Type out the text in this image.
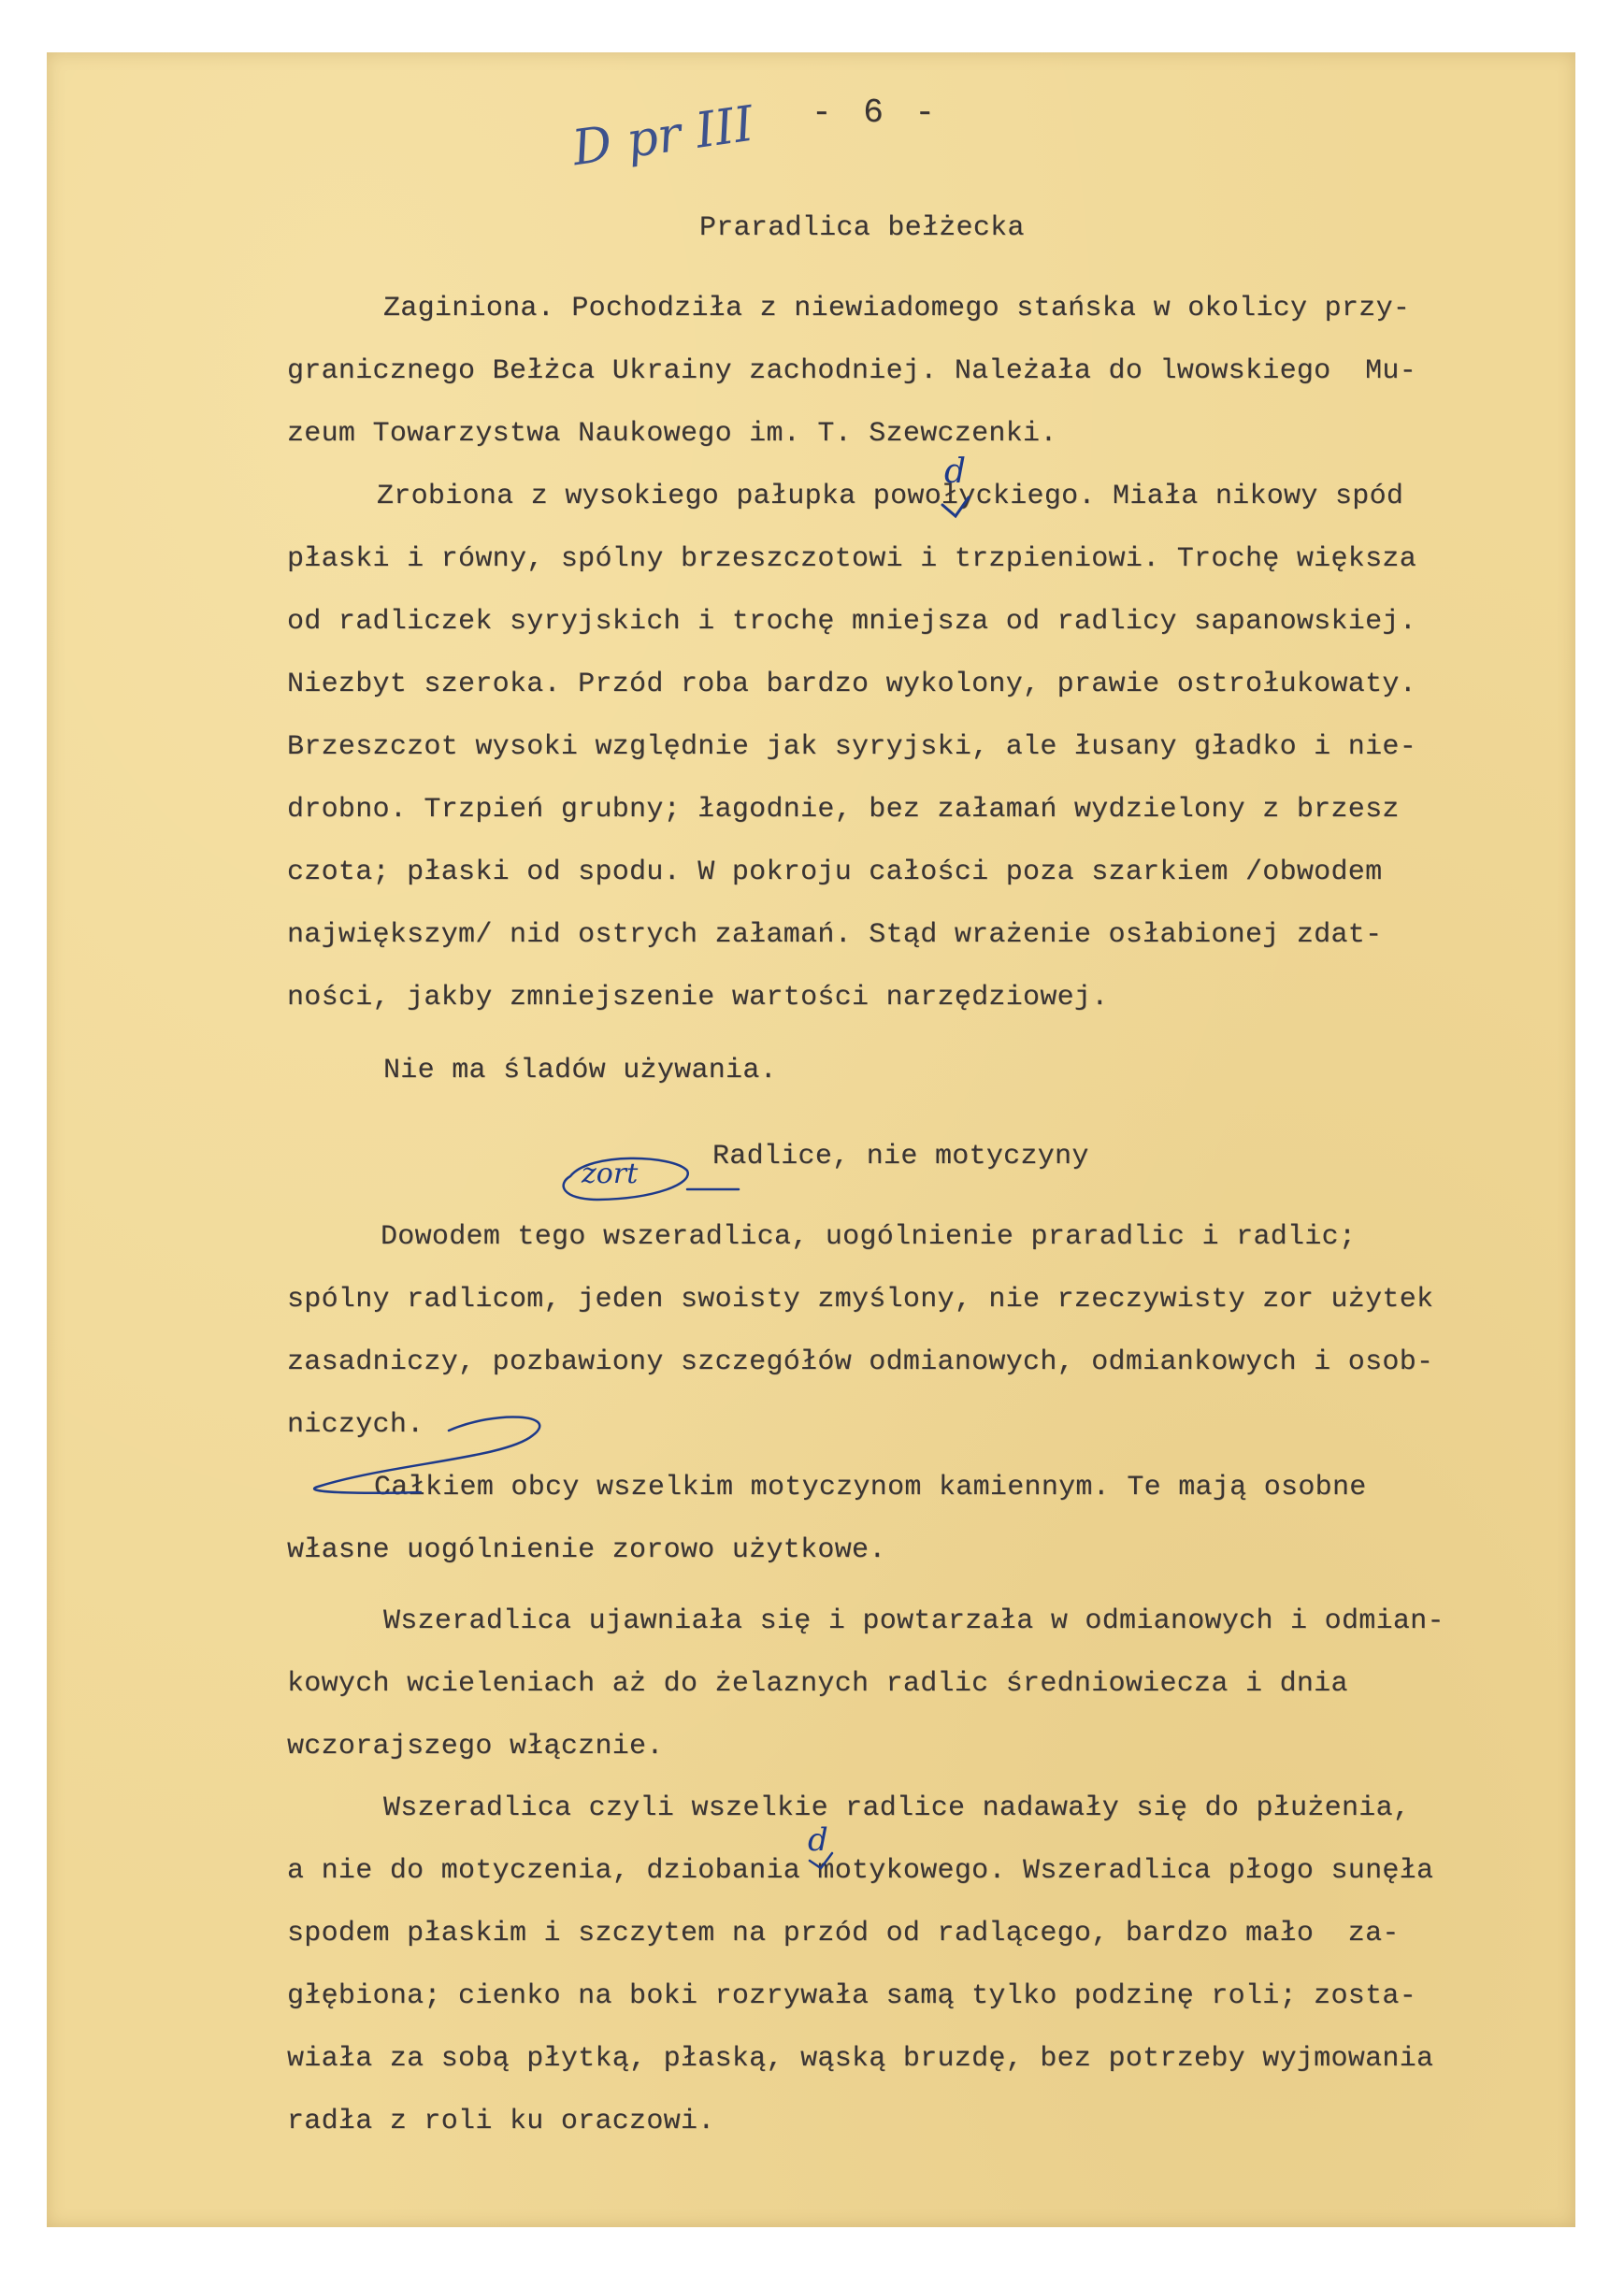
- 6 -
D pr III
Praradlica bełżecka
Zaginiona. Pochodziła z niewiadomego stańska w okolicy przy-
granicznego Bełżca Ukrainy zachodniej. Należała do lwowskiego  Mu-
zeum Towarzystwa Naukowego im. T. Szewczenki.
Zrobiona z wysokiego pałupka powołyckiego. Miała nikowy spód
płaski i równy, spólny brzeszczotowi i trzpieniowi. Trochę większa
od radliczek syryjskich i trochę mniejsza od radlicy sapanowskiej.
Niezbyt szeroka. Przód roba bardzo wykolony, prawie ostrołukowaty.
Brzeszczot wysoki względnie jak syryjski, ale łusany gładko i nie-
drobno. Trzpień grubny; łagodnie, bez załamań wydzielony z brzesz
czota; płaski od spodu. W pokroju całości poza szarkiem /obwodem
największym/ nid ostrych załamań. Stąd wrażenie osłabionej zdat-
ności, jakby zmniejszenie wartości narzędziowej.
Nie ma śladów używania.
Radlice, nie motyczyny
Dowodem tego wszeradlica, uogólnienie praradlic i radlic;
spólny radlicom, jeden swoisty zmyślony, nie rzeczywisty zor użytek
zasadniczy, pozbawiony szczegółów odmianowych, odmiankowych i osob-
niczych.
Całkiem obcy wszelkim motyczynom kamiennym. Te mają osobne
własne uogólnienie zorowo użytkowe.
Wszeradlica ujawniała się i powtarzała w odmianowych i odmian-
kowych wcieleniach aż do żelaznych radlic średniowiecza i dnia
wczorajszego włącznie.
Wszeradlica czyli wszelkie radlice nadawały się do płużenia,
a nie do motyczenia, dziobania motykowego. Wszeradlica płogo sunęła
spodem płaskim i szczytem na przód od radlącego, bardzo mało  za-
głębiona; cienko na boki rozrywała samą tylko podzinę roli; zosta-
wiała za sobą płytką, płaską, wąską bruzdę, bez potrzeby wyjmowania
radła z roli ku oraczowi.
d
zort
d
